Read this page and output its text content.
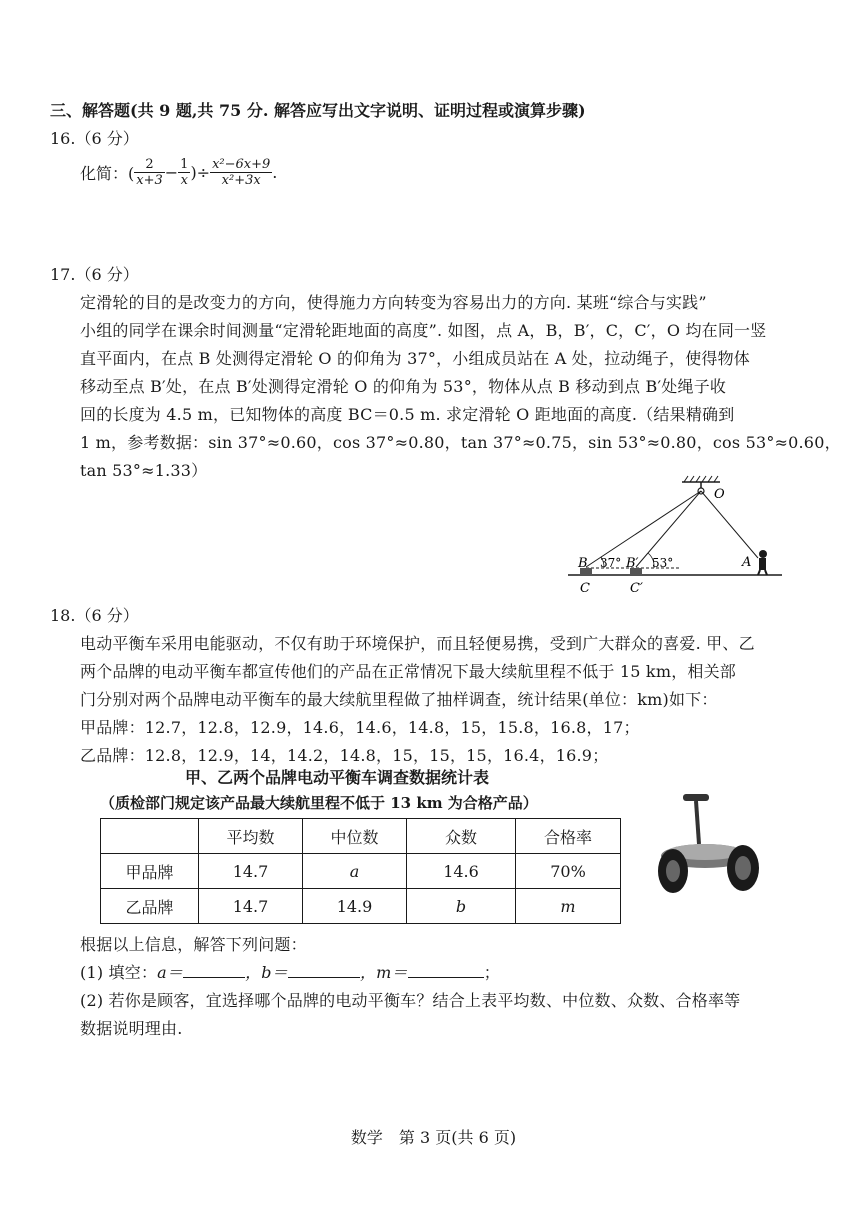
三、解答题(共 9 题,共 75 分. 解答应写出文字说明、证明过程或演算步骤)
16.（6 分）
化简：( $\frac{2}{x+3} - \frac{1}{x}$ )÷ $\frac{\text{x²−6x+9}}{\text{x²+3x}}$ .
17.（6 分）
定滑轮的目的是改变力的方向，使得施力方向转变为容易出力的方向. 某班“综合与实践”
小组的同学在课余时间测量“定滑轮距地面的高度”. 如图，点 A，B，B′，C，C′，O 均在同一竖
直平面内，在点 B 处测得定滑轮 O 的仰角为 37°，小组成员站在 A 处，拉动绳子，使得物体
移动至点 B′处，在点 B′处测得定滑轮 O 的仰角为 53°，物体从点 B 移动到点 B′处绳子收
回的长度为 4.5 m，已知物体的高度 BC＝0.5 m. 求定滑轮 O 距地面的高度.（结果精确到
1 m，参考数据：sin 37°≈0.60，cos 37°≈0.80，tan 37°≈0.75，sin 53°≈0.80，cos 53°≈0.60，
tan 53°≈1.33）
O
B 37° B′ 53°	A
C	C′
18.（6 分）
电动平衡车采用电能驱动，不仅有助于环境保护，而且轻便易携，受到广大群众的喜爱. 甲、乙
两个品牌的电动平衡车都宣传他们的产品在正常情况下最大续航里程不低于 15 km，相关部
门分别对两个品牌电动平衡车的最大续航里程做了抽样调查，统计结果(单位：km)如下：
甲品牌：12.7，12.8，12.9，14.6，14.6，14.8，15，15.8，16.8，17；
乙品牌：12.8，12.9，14，14.2，14.8，15，15，15，16.4，16.9；
甲、乙两个品牌电动平衡车调查数据统计表
（质检部门规定该产品最大续航里程不低于 13 km 为合格产品）
	平均数	中位数	众数	合格率
甲品牌	14.7	a	14.6	70%
乙品牌	14.7	14.9	b	m
根据以上信息，解答下列问题：
(1) 填空：a＝	，b＝	，m＝	；
(2) 若你是顾客，宜选择哪个品牌的电动平衡车？结合上表平均数、中位数、众数、合格率等
数据说明理由.
数学　第 3 页(共 6 页)
